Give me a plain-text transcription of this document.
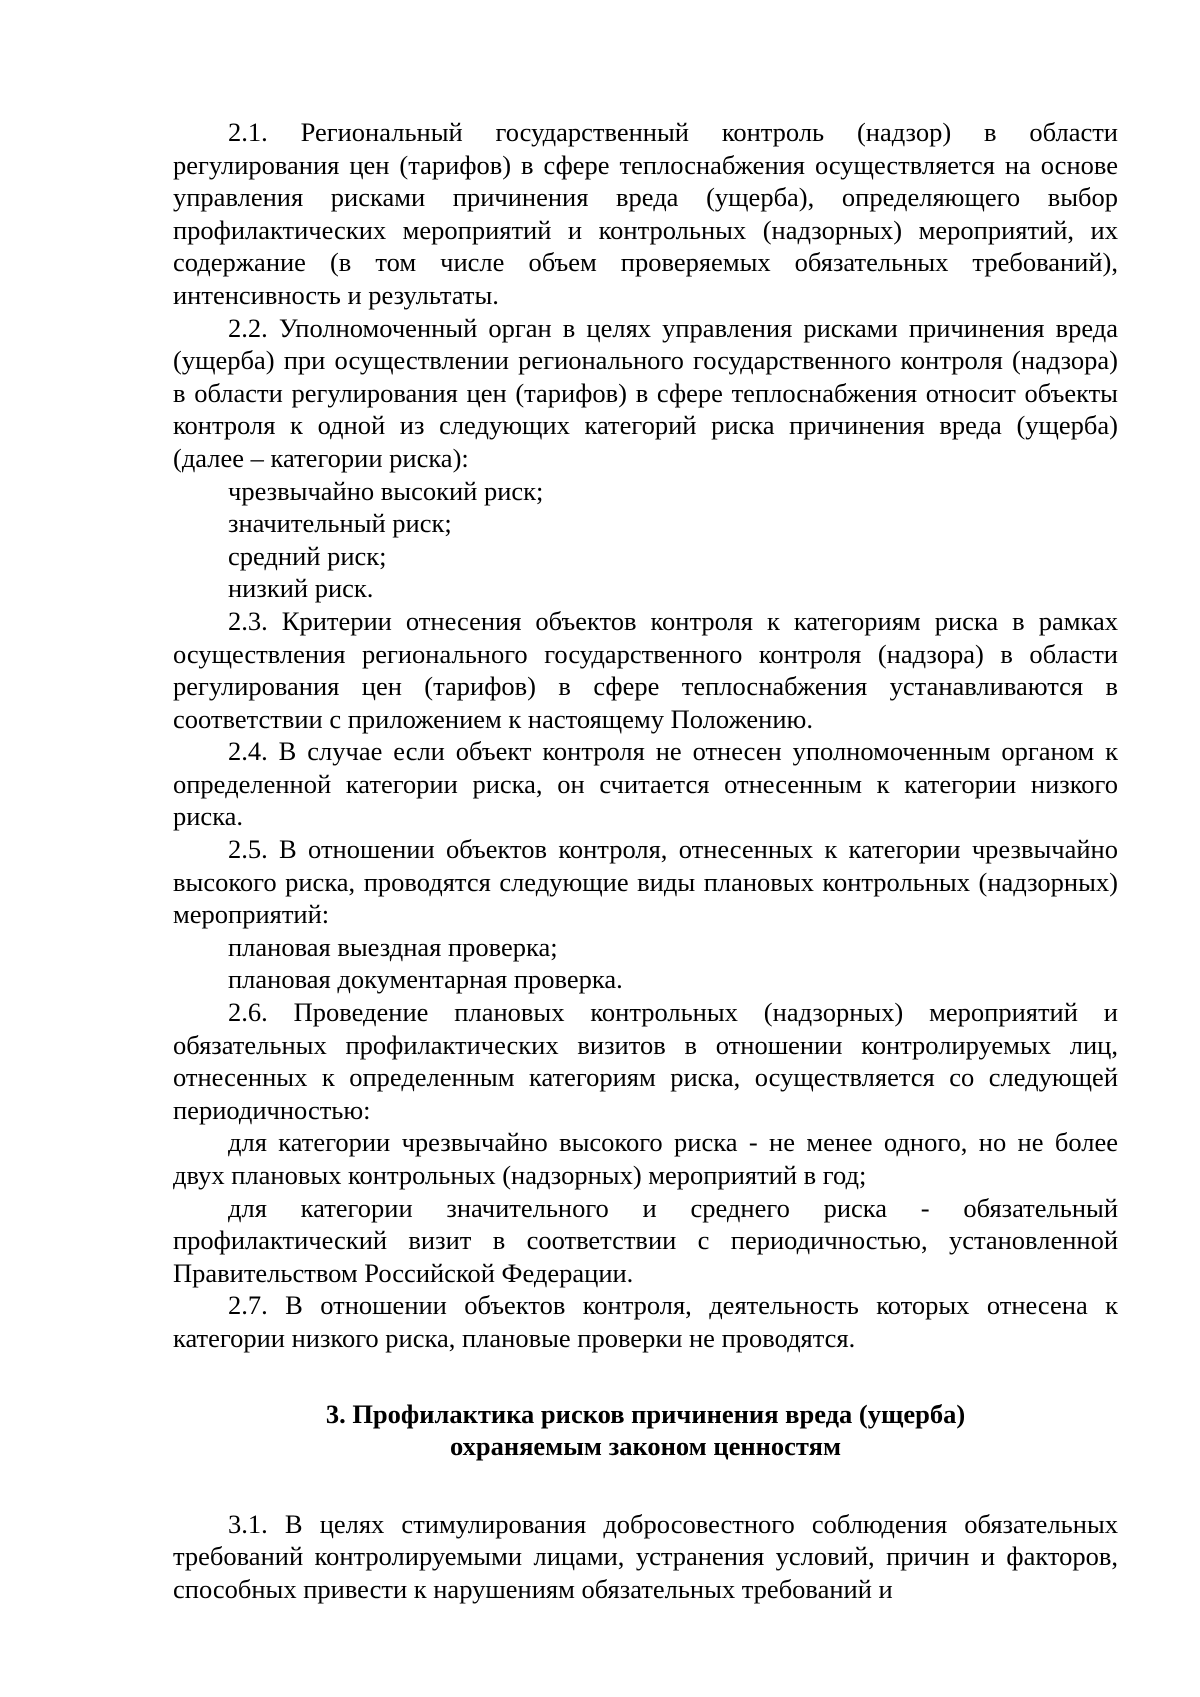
2.1. Региональный государственный контроль (надзор) в области регулирования цен (тарифов) в сфере теплоснабжения осуществляется на основе управления рисками причинения вреда (ущерба), определяющего выбор профилактических мероприятий и контрольных (надзорных) мероприятий, их содержание (в том числе объем проверяемых обязательных требований), интенсивность и результаты.

2.2. Уполномоченный орган в целях управления рисками причинения вреда (ущерба) при осуществлении регионального государственного контроля (надзора) в области регулирования цен (тарифов) в сфере теплоснабжения относит объекты контроля к одной из следующих категорий риска причинения вреда (ущерба) (далее – категории риска):

чрезвычайно высокий риск;

значительный риск;

средний риск;

низкий риск.

2.3. Критерии отнесения объектов контроля к категориям риска в рамках осуществления регионального государственного контроля (надзора) в области регулирования цен (тарифов) в сфере теплоснабжения устанавливаются в соответствии с приложением к настоящему Положению.

2.4. В случае если объект контроля не отнесен уполномоченным органом к определенной категории риска, он считается отнесенным к категории низкого риска.

2.5. В отношении объектов контроля, отнесенных к категории чрезвычайно высокого риска, проводятся следующие виды плановых контрольных (надзорных) мероприятий:

плановая выездная проверка;

плановая документарная проверка.

2.6. Проведение плановых контрольных (надзорных) мероприятий и обязательных профилактических визитов в отношении контролируемых лиц, отнесенных к определенным категориям риска, осуществляется со следующей периодичностью:

для категории чрезвычайно высокого риска - не менее одного, но не более двух плановых контрольных (надзорных) мероприятий в год;

для категории значительного и среднего риска - обязательный профилактический визит в соответствии с периодичностью, установленной Правительством Российской Федерации.

2.7. В отношении объектов контроля, деятельность которых отнесена к категории низкого риска, плановые проверки не проводятся.

3. Профилактика рисков причинения вреда (ущерба)
охраняемым законом ценностям

3.1. В целях стимулирования добросовестного соблюдения обязательных требований контролируемыми лицами, устранения условий, причин и факторов, способных привести к нарушениям обязательных требований и
